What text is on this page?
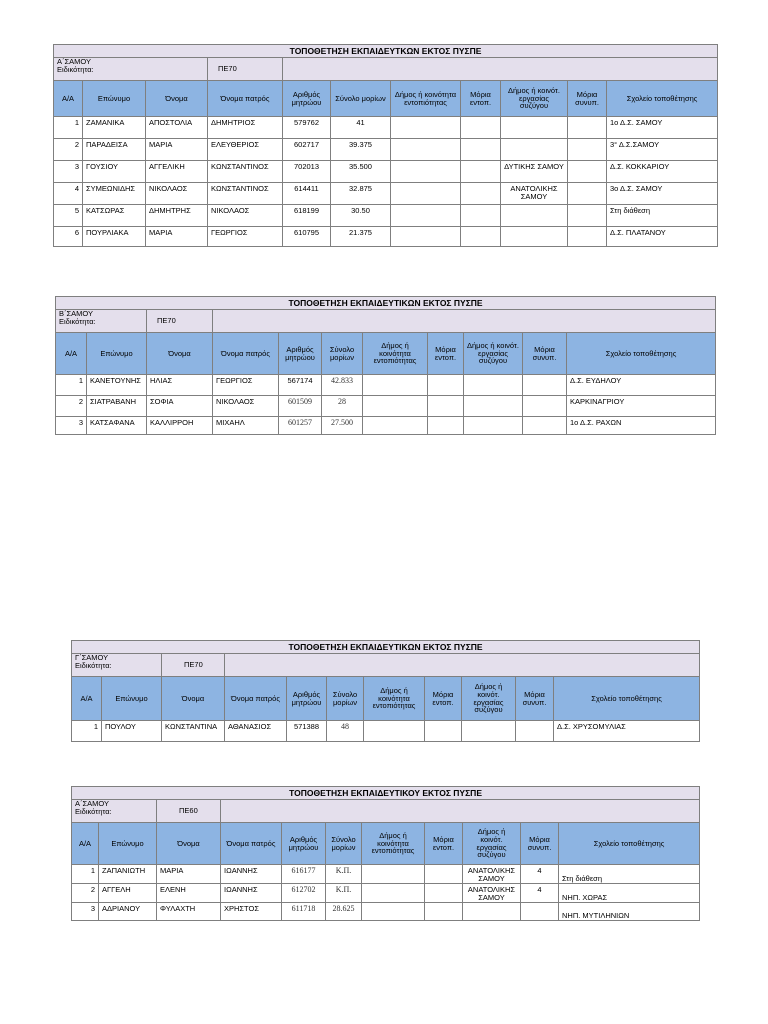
ΤΟΠΟΘΕΤΗΣΗ ΕΚΠΑΙΔΕΥΤΚΩΝ ΕΚΤΟΣ ΠΥΣΠΕ										

Α΄ΣΑΜΟΥ
Ειδικότητα:			ΠΕ70							
Α/Α	Επώνυμο	Όνομα	Όνομα πατρός	Αριθμός μητρώου	Σύνολο μορίων	Δήμος ή κοινότητα εντοπιότητας	Μόρια εντοπ.	Δήμος ή κοινότ. εργασίας συζύγου	Μόρια συνυπ.	Σχολείο τοποθέτησης
1	ΖΑΜΑΝΙΚΑ	ΑΠΟΣΤΟΛΙΑ	ΔΗΜΗΤΡΙΟΣ	579762	41					1ο Δ.Σ. ΣΑΜΟΥ
2	ΠΑΡΑΔΕΙΣΑ	ΜΑΡΙΑ	ΕΛΕΥΘΕΡΙΟΣ	602717	39.375					3° Δ.Σ.ΣΑΜΟΥ
3	ΓΟΥΣΙΟΥ	ΑΓΓΕΛΙΚΗ	ΚΩΝΣΤΑΝΤΙΝΟΣ	702013	35.500			ΔΥΤΙΚΗΣ ΣΑΜΟΥ		Δ.Σ. ΚΟΚΚΑΡΙΟΥ
4	ΣΥΜΕΩΝΙΔΗΣ	ΝΙΚΟΛΑΟΣ	ΚΩΝΣΤΑΝΤΙΝΟΣ	614411	32.875			ΑΝΑΤΟΛΙΚΗΣ ΣΑΜΟΥ		3ο Δ.Σ. ΣΑΜΟΥ
5	ΚΑΤΣΩΡΑΣ	ΔΗΜΗΤΡΗΣ	ΝΙΚΟΛΑΟΣ	618199	30.50					Στη διάθεση
6	ΠΟΥΡΛΙΑΚΑ	ΜΑΡΙΑ	ΓΕΩΡΓΙΟΣ	610795	21.375					Δ.Σ. ΠΛΑΤΑΝΟΥ
ΤΟΠΟΘΕΤΗΣΗ ΕΚΠΑΙΔΕΥΤΙΚΩΝ ΕΚΤΟΣ ΠΥΣΠΕ										

Β΄ΣΑΜΟΥ
Ειδικότητα:		ΠΕ70								
Α/Α	Επώνυμο	Όνομα	Όνομα πατρός	Αριθμός μητρώου	Σύνολο μορίων	Δήμος ή κοινότητα εντοπιότητας	Μόρια εντοπ.	Δήμος ή κοινότ. εργασίας συζύγου	Μόρια συνυπ.	Σχολείο τοποθέτησης
1	ΚΑΝΕΤΟΥΝΗΣ	ΗΛΙΑΣ	ΓΕΩΡΓΙΟΣ	567174	42.833					Δ.Σ. ΕΥΔΗΛΟΥ
2	ΣΙΑΤΡΑΒΑΝΗ	ΣΟΦΙΑ	ΝΙΚΟΛΑΟΣ	601509	28					ΚΑΡΚΙΝΑΓΡΙΟΥ
3	ΚΑΤΣΑΦΑΝΑ	ΚΑΛΛΙΡΡΟΗ	ΜΙΧΑΗΛ	601257	27.500					1ο Δ.Σ. ΡΑΧΩΝ
ΤΟΠΟΘΕΤΗΣΗ ΕΚΠΑΙΔΕΥΤΙΚΩΝ ΕΚΤΟΣ ΠΥΣΠΕ										

Γ΄ΣΑΜΟΥ
Ειδικότητα:		ΠΕ70								
Α/Α	Επώνυμο	Όνομα	Όνομα πατρός	Αριθμός μητρώου	Σύνολο μορίων	Δήμος ή κοινότητα εντοπιότητας	Μόρια εντοπ.	Δήμος ή κοινότ. εργασίας συζύγου	Μόρια συνυπ.	Σχολείο τοποθέτησης
1	ΠΟΥΛΟΥ	ΚΩΝΣΤΑΝΤΙΝΑ	ΑΘΑΝΑΣΙΟΣ	571388	48					Δ.Σ. ΧΡΥΣΟΜΥΛΙΑΣ
ΤΟΠΟΘΕΤΗΣΗ ΕΚΠΑΙΔΕΥΤΙΚΟΥ ΕΚΤΟΣ ΠΥΣΠΕ										

Α΄ΣΑΜΟΥ
Ειδικότητα:		ΠΕ60								
Α/Α	Επώνυμο	Όνομα	Όνομα πατρός	Αριθμός μητρώου	Σύνολο μορίων	Δήμος ή κοινότητα εντοπιότητας	Μόρια εντοπ.	Δήμος ή κοινότ. εργασίας συζύγου	Μόρια συνυπ.	Σχολείο τοποθέτησης
1	ΖΑΠΑΝΙΩΤΗ	ΜΑΡΙΑ	ΙΩΑΝΝΗΣ	616177	Κ.Π.			ΑΝΑΤΟΛΙΚΗΣ ΣΑΜΟΥ	4	Στη διάθεση
2	ΑΓΓΕΛΗ	ΕΛΕΝΗ	ΙΩΑΝΝΗΣ	612702	Κ.Π.			ΑΝΑΤΟΛΙΚΗΣ ΣΑΜΟΥ	4	ΝΗΠ. ΧΩΡΑΣ
3	ΑΔΡΙΑΝΟΥ	ΦΥΛΑΧΤΗ	ΧΡΗΣΤΟΣ	611718	28.625					ΝΗΠ. ΜΥΤΙΛΗΝΙΩΝ
